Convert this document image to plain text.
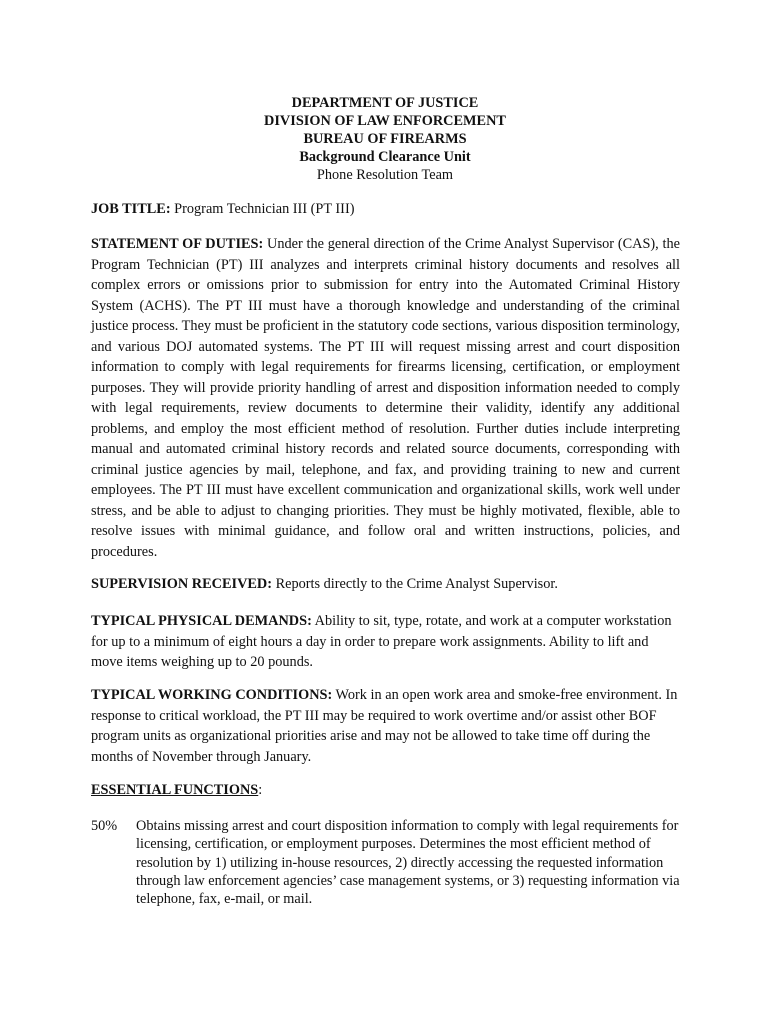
DEPARTMENT OF JUSTICE
DIVISION OF LAW ENFORCEMENT
BUREAU OF FIREARMS
Background Clearance Unit
Phone Resolution Team

JOB TITLE: Program Technician III (PT III)

STATEMENT OF DUTIES: Under the general direction of the Crime Analyst Supervisor (CAS), the Program Technician (PT) III analyzes and interprets criminal history documents and resolves all complex errors or omissions prior to submission for entry into the Automated Criminal History System (ACHS). The PT III must have a thorough knowledge and understanding of the criminal justice process. They must be proficient in the statutory code sections, various disposition terminology, and various DOJ automated systems. The PT III will request missing arrest and court disposition information to comply with legal requirements for firearms licensing, certification, or employment purposes. They will provide priority handling of arrest and disposition information needed to comply with legal requirements, review documents to determine their validity, identify any additional problems, and employ the most efficient method of resolution. Further duties include interpreting manual and automated criminal history records and related source documents, corresponding with criminal justice agencies by mail, telephone, and fax, and providing training to new and current employees. The PT III must have excellent communication and organizational skills, work well under stress, and be able to adjust to changing priorities. They must be highly motivated, flexible, able to resolve issues with minimal guidance, and follow oral and written instructions, policies, and procedures.

SUPERVISION RECEIVED: Reports directly to the Crime Analyst Supervisor.

TYPICAL PHYSICAL DEMANDS: Ability to sit, type, rotate, and work at a computer workstation for up to a minimum of eight hours a day in order to prepare work assignments. Ability to lift and move items weighing up to 20 pounds.

TYPICAL WORKING CONDITIONS: Work in an open work area and smoke-free environment. In response to critical workload, the PT III may be required to work overtime and/or assist other BOF program units as organizational priorities arise and may not be allowed to take time off during the months of November through January.

ESSENTIAL FUNCTIONS:

50%	Obtains missing arrest and court disposition information to comply with legal requirements for licensing, certification, or employment purposes. Determines the most efficient method of resolution by 1) utilizing in-house resources, 2) directly accessing the requested information through law enforcement agencies’ case management systems, or 3) requesting information via telephone, fax, e-mail, or mail.
